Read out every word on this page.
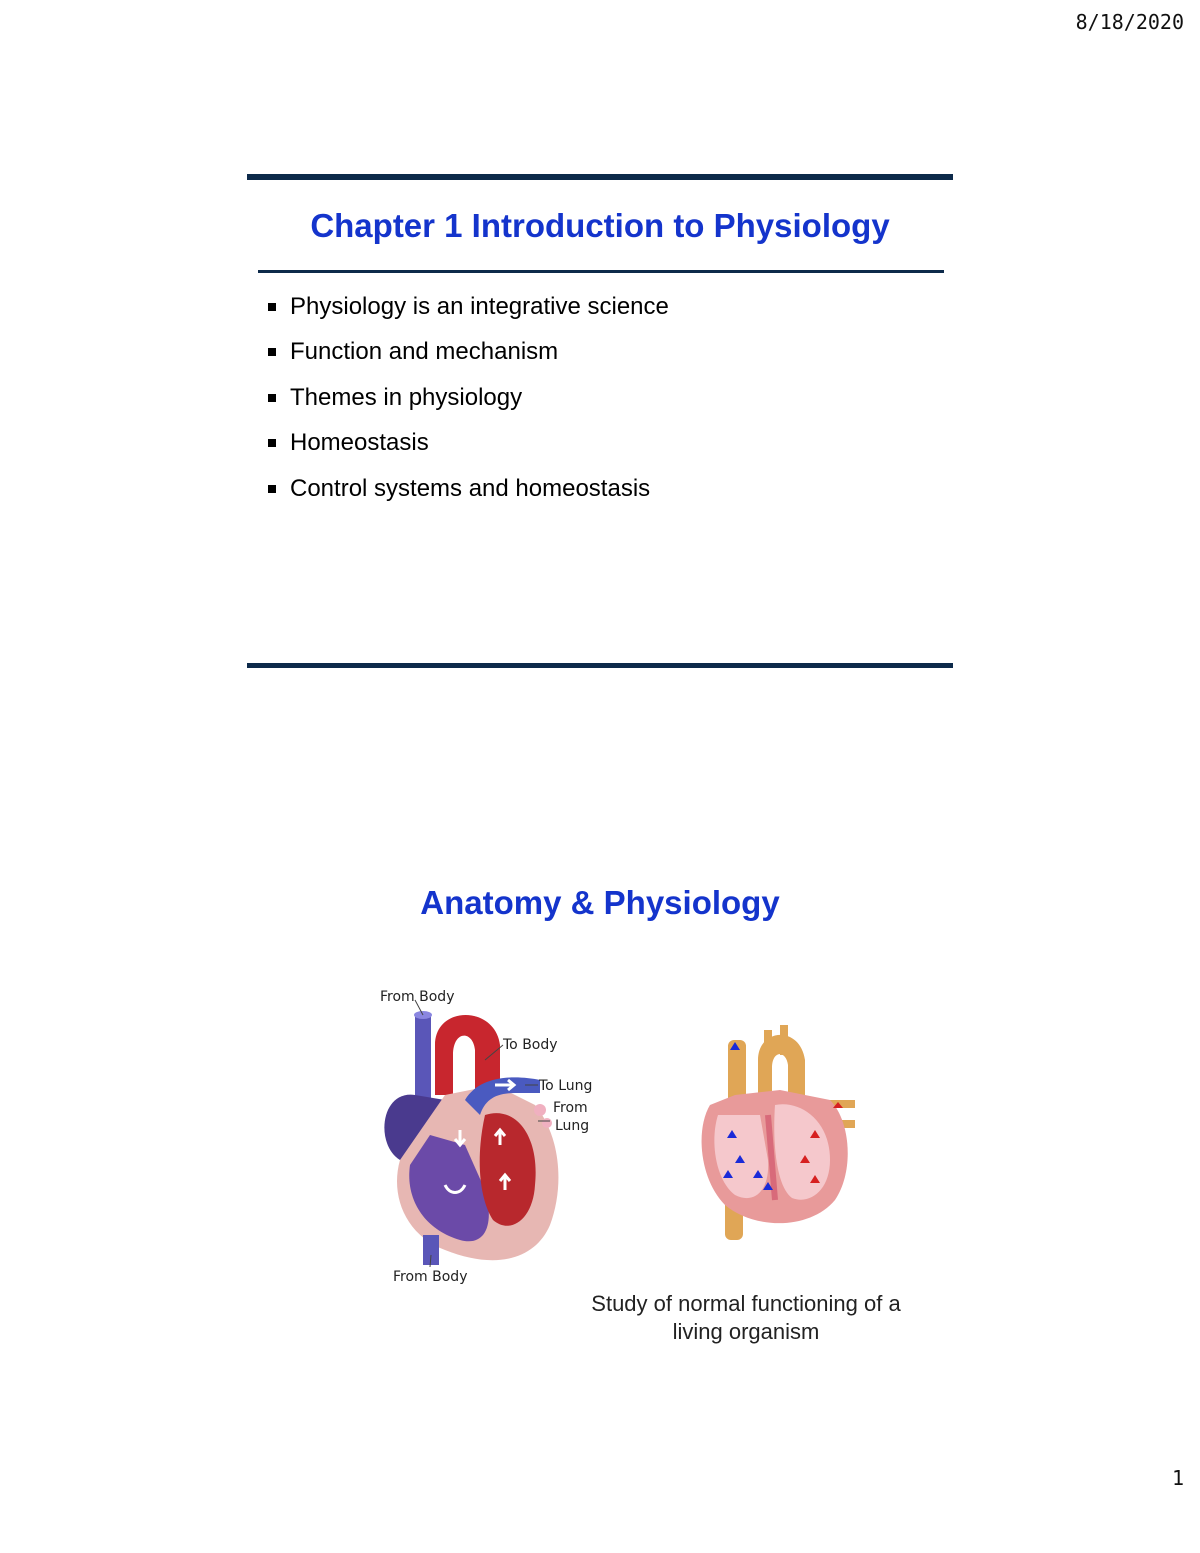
8/18/2020
Chapter 1 Introduction to Physiology
Physiology is an integrative science
Function and mechanism
Themes in physiology
Homeostasis
Control systems and homeostasis
Anatomy & Physiology
From Body
To Body
To Lung
From
Lung
From Body
Study of normal functioning of a
living organism
1
